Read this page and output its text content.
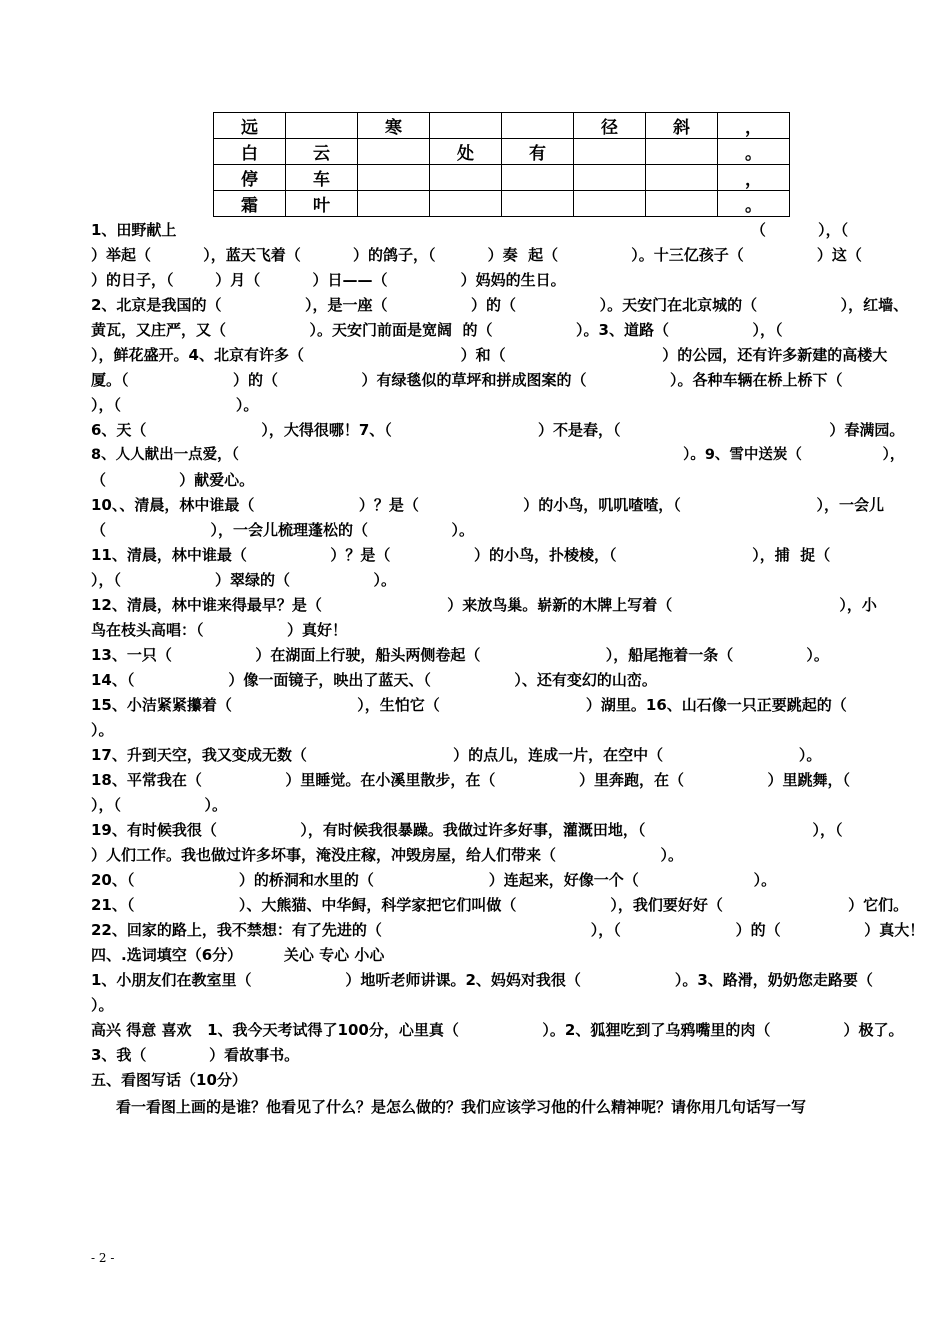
远		寒			径	斜	，
白	云		处	有			。
停	车						，
霜	叶						。
1、田野献上                                                                                                              （          ），（
）举起（          ），蓝天飞着（          ）的鸽子，（          ）奏  起（              ）。十三亿孩子（              ）这（
）的日子，（        ）月（          ）日——（              ）妈妈的生日。
2、北京是我国的（                ），是一座（                ）的（                ）。天安门在北京城的（                ），红墙、
黄瓦，又庄严，又（                ）。天安门前面是宽阔  的（                ）。3、道路（                ），（
），鲜花盛开。4、北京有许多（                              ）和（                              ）的公园，还有许多新建的高楼大
厦。（                    ）的（                ）有绿毯似的草坪和拼成图案的（                ）。各种车辆在桥上桥下（
），（                      ）。
6、天（                      ），大得很哪！7、（                            ）不是春，（                                        ）春满园。
8、人人献出一点爱，（                                                                                        ）。9、雪中送炭（                ），
（              ）献爱心。
10、、清晨，林中谁最（                    ）？是（                    ）的小鸟，叽叽喳喳，（                          ），一会儿
（                    ），一会儿梳理蓬松的（                ）。
11、清晨，林中谁最（                ）？是（                ）的小鸟，扑棱棱，（                          ），捕  捉（
），（                  ）翠绿的（                ）。
12、清晨，林中谁来得最早？是（                        ）来放鸟巢。崭新的木牌上写着（                                ），小
鸟在枝头高唱：（                ）真好！
13、一只（                ）在湖面上行驶，船头两侧卷起（                        ），船尾拖着一条（              ）。
14、（                  ）像一面镜子，映出了蓝天、（                ）、还有变幻的山峦。
15、小洁紧紧攥着（                        ），生怕它（                            ）湖里。16、山石像一只正要跳起的（
）。
17、升到天空，我又变成无数（                            ）的点儿，连成一片，在空中（                          ）。
18、平常我在（                ）里睡觉。在小溪里散步，在（                ）里奔跑，在（                ）里跳舞，（
），（                ）。
19、有时候我很（                ），有时候我很暴躁。我做过许多好事，灌溉田地，（                                ），（
）人们工作。我也做过许多坏事，淹没庄稼，冲毁房屋，给人们带来（                    ）。
20、（                    ）的桥洞和水里的（                      ）连起来，好像一个（                      ）。
21、（                    ）、大熊猫、中华鲟，科学家把它们叫做（                  ），我们要好好（                        ）它们。
22、回家的路上，我不禁想：有了先进的（                                        ），（                      ）的（                ）真大！
四、.选词填空（6分）        关心 专心 小心
1、小朋友们在教室里（                  ）地听老师讲课。2、妈妈对我很（                  ）。3、路滑，奶奶您走路要（
）。
高兴 得意 喜欢   1、我今天考试得了100分，心里真（                ）。2、狐狸吃到了乌鸦嘴里的肉（              ）极了。
3、我（            ）看故事书。
五、看图写话（10分）
看一看图上画的是谁？他看见了什么？是怎么做的？我们应该学习他的什么精神呢？请你用几句话写一写
- 2 -
